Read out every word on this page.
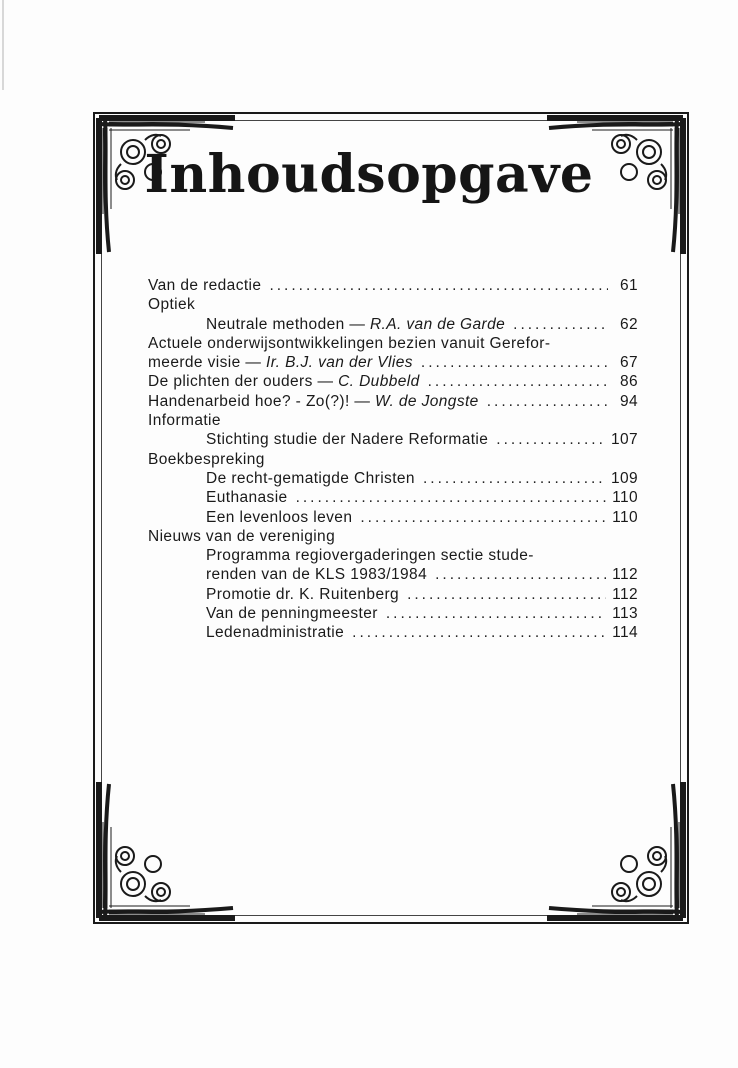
Inhoudsopgave
Van de redactie .....	61
Optiek
Neutrale methoden — R.A. van de Garde .....	62
Actuele onderwijsontwikkelingen bezien vanuit Gerefor-
meerde visie — Ir. B.J. van der Vlies .....	67
De plichten der ouders — C. Dubbeld .....	86
Handenarbeid hoe? - Zo(?)! — W. de Jongste .....	94
Informatie
Stichting studie der Nadere Reformatie .....	107
Boekbespreking
De recht-gematigde Christen .....	109
Euthanasie .....	110
Een levenloos leven .....	110
Nieuws van de vereniging
Programma regiovergaderingen sectie stude-
renden van de KLS 1983/1984 .....	112
Promotie dr. K. Ruitenberg .....	112
Van de penningmeester .....	113
Ledenadministratie .....	114
